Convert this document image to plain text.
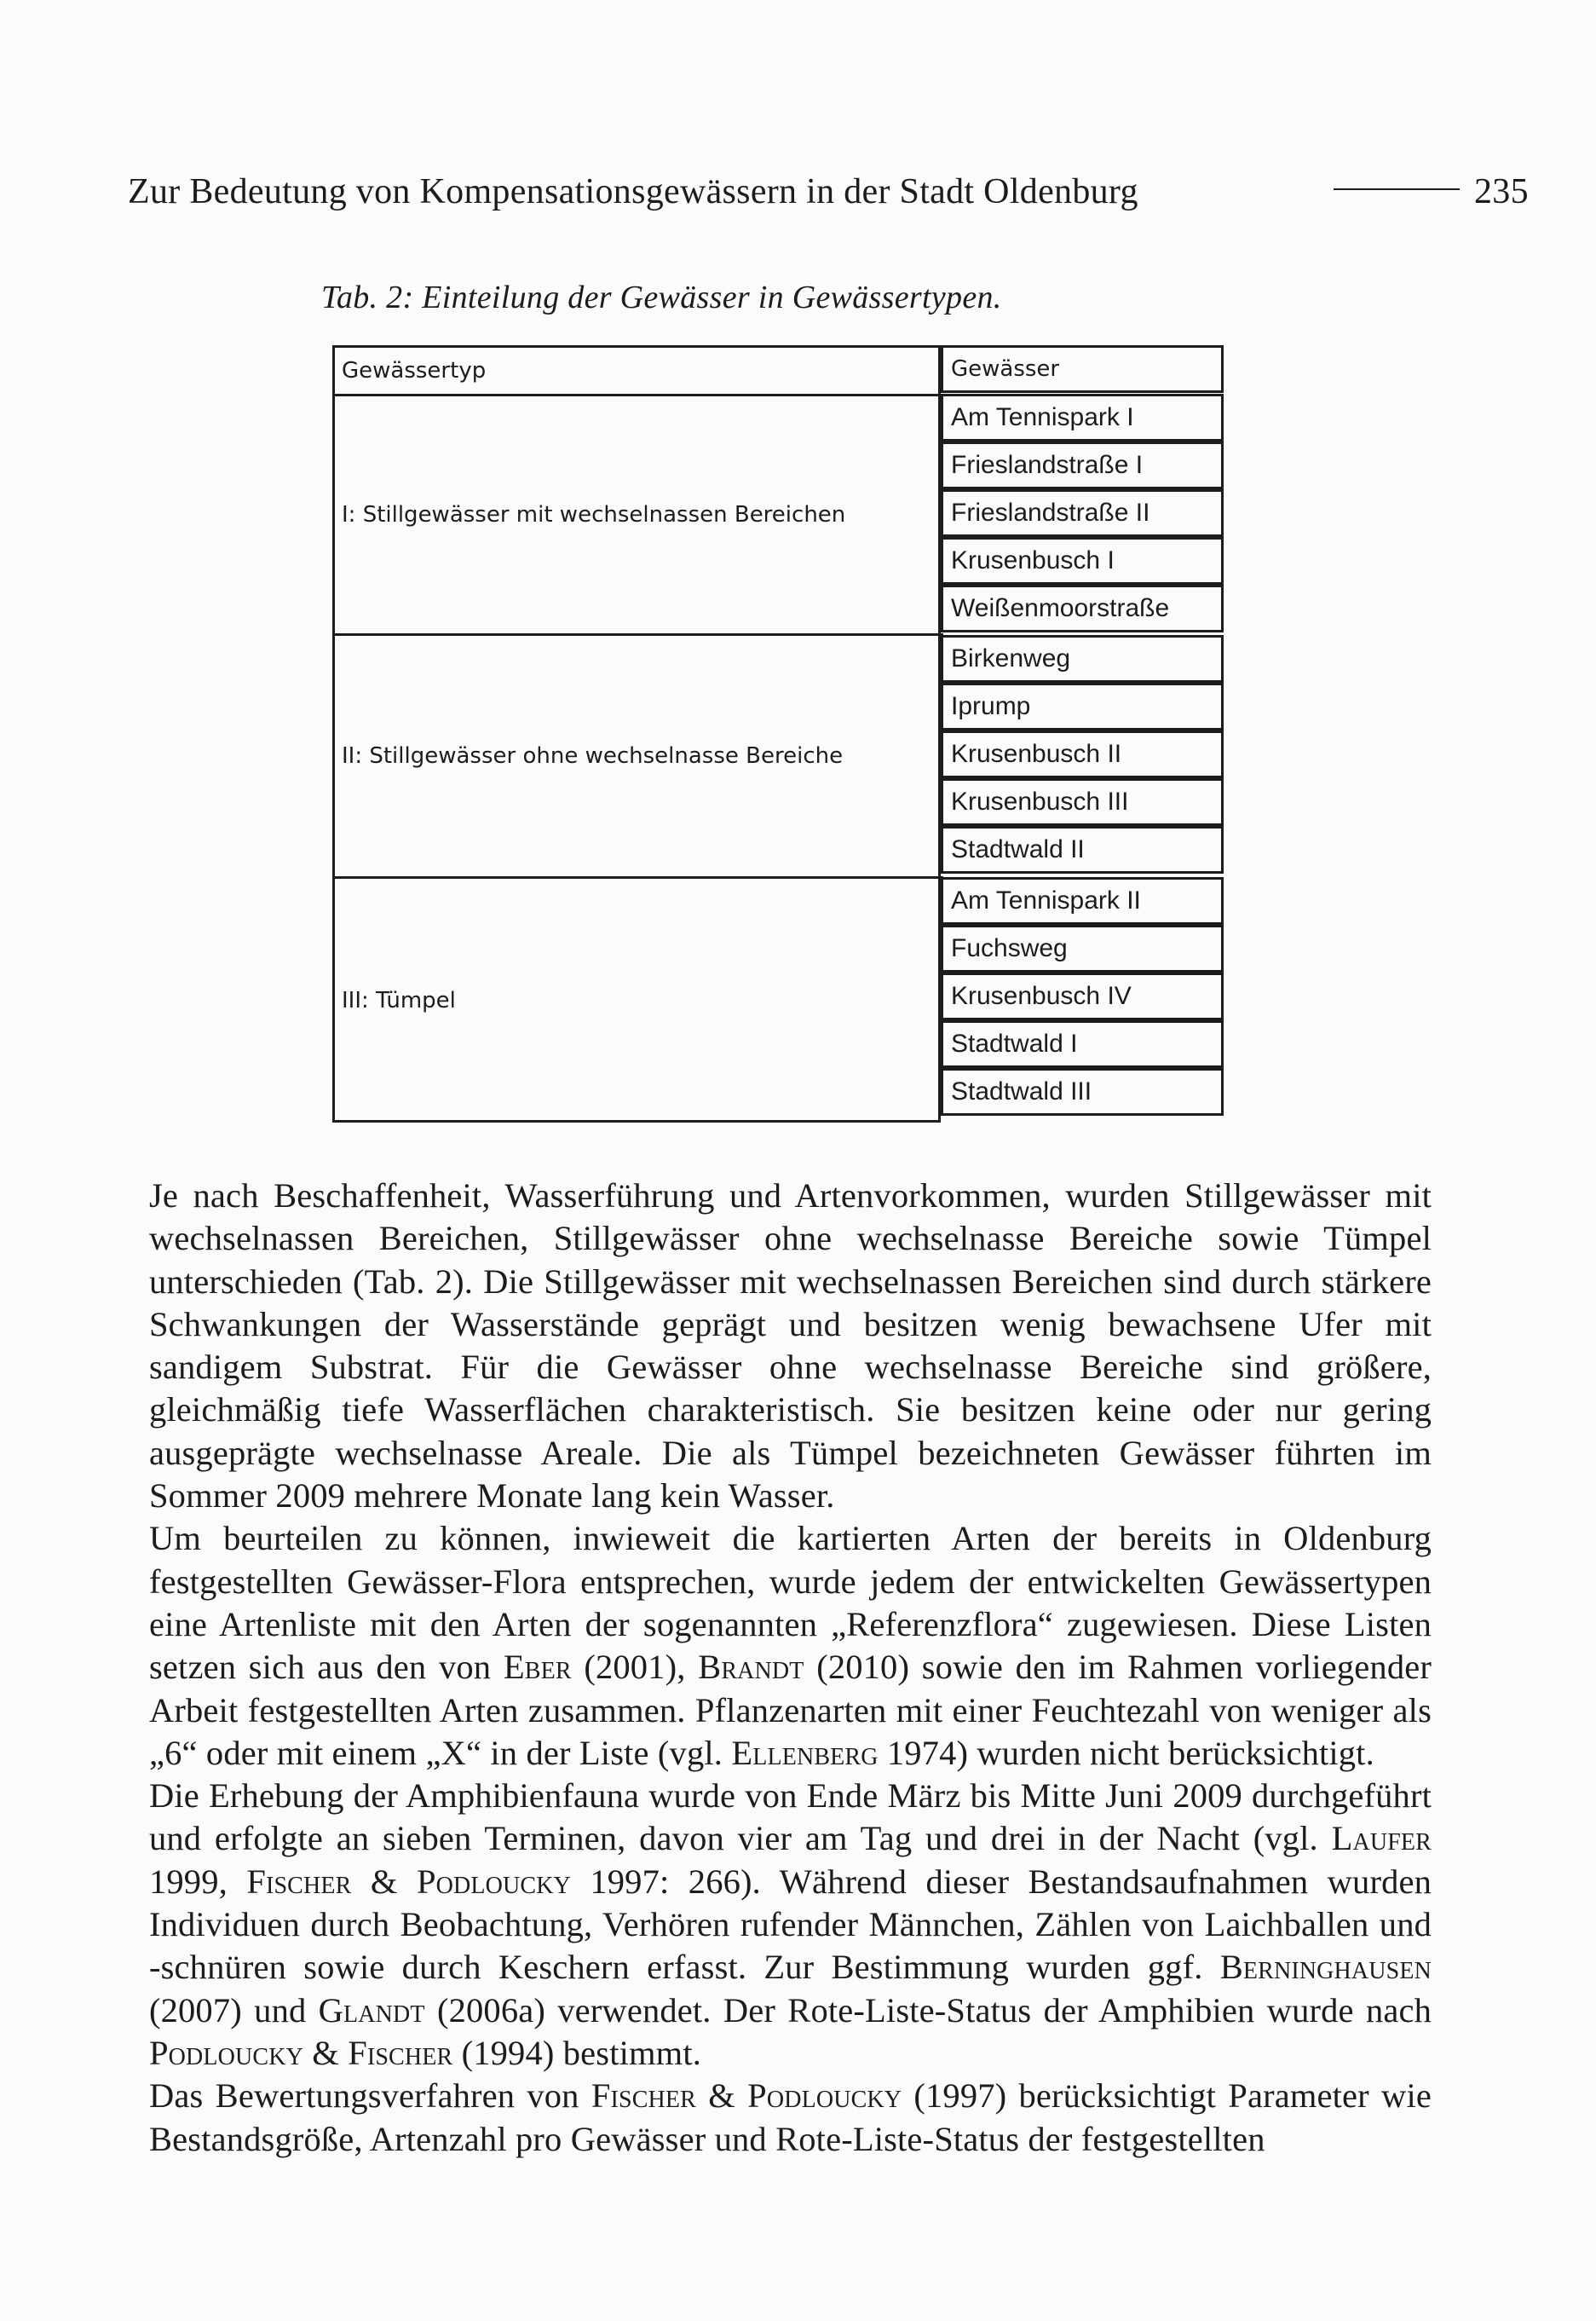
Zur Bedeutung von Kompensationsgewässern in der Stadt Oldenburg	235
Tab. 2: Einteilung der Gewässer in Gewässertypen.
Gewässertyp
I: Stillgewässer mit wechselnassen Bereichen
II: Stillgewässer ohne wechselnasse Bereiche
III: Tümpel
Gewässer
Am Tennispark I
Frieslandstraße I
Frieslandstraße II
Krusenbusch I
Weißenmoorstraße
Birkenweg
Iprump
Krusenbusch II
Krusenbusch III
Stadtwald II
Am Tennispark II
Fuchsweg
Krusenbusch IV
Stadtwald I
Stadtwald III

Je nach Beschaffenheit, Wasserführung und Artenvorkommen, wurden Stillgewässer mit wechselnassen Bereichen, Stillgewässer ohne wechselnasse Bereiche sowie Tümpel unterschieden (Tab. 2). Die Stillgewässer mit wechselnassen Bereichen sind durch stärkere Schwankungen der Wasserstände geprägt und besitzen wenig bewachsene Ufer mit sandigem Substrat. Für die Gewässer ohne wechselnasse Bereiche sind größere, gleichmäßig tiefe Wasserflächen charakteristisch. Sie besitzen keine oder nur gering ausgeprägte wechselnasse Areale. Die als Tümpel bezeichneten Gewässer führten im Sommer 2009 mehrere Monate lang kein Wasser.

Um beurteilen zu können, inwieweit die kartierten Arten der bereits in Oldenburg festgestellten Gewässer-Flora entsprechen, wurde jedem der entwickelten Gewässertypen eine Artenliste mit den Arten der sogenannten „Referenzflora“ zugewiesen. Diese Listen setzen sich aus den von Eber (2001), Brandt (2010) sowie den im Rahmen vorliegender Arbeit festgestellten Arten zusammen. Pflanzenarten mit einer Feuchtezahl von weniger als „6“ oder mit einem „X“ in der Liste (vgl. Ellenberg 1974) wurden nicht berücksichtigt.

Die Erhebung der Amphibienfauna wurde von Ende März bis Mitte Juni 2009 durchgeführt und erfolgte an sieben Terminen, davon vier am Tag und drei in der Nacht (vgl. Laufer 1999, Fischer & Podloucky 1997: 266). Während dieser Bestandsaufnahmen wurden Individuen durch Beobachtung, Verhören rufender Männchen, Zählen von Laichballen und -schnüren sowie durch Keschern erfasst. Zur Bestimmung wurden ggf. Berninghausen (2007) und Glandt (2006a) verwendet. Der Rote-Liste-Status der Amphibien wurde nach Podloucky & Fischer (1994) bestimmt.

Das Bewertungsverfahren von Fischer & Podloucky (1997) berücksichtigt Parameter wie Bestandsgröße, Artenzahl pro Gewässer und Rote-Liste-Status der festgestellten
